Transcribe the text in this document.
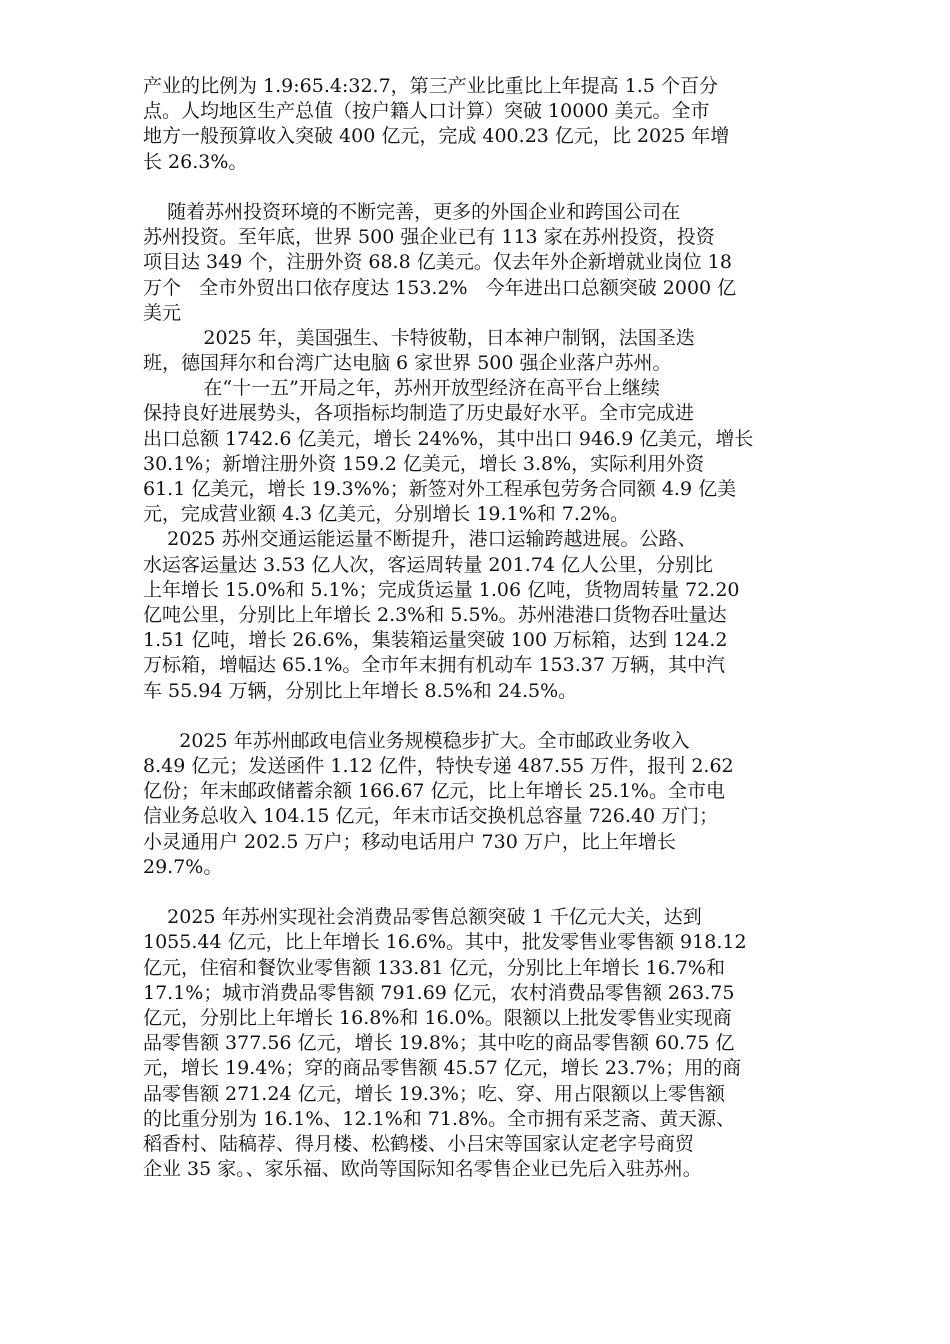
产业的比例为 1.9:65.4:32.7，第三产业比重比上年提高 1.5 个百分
点。人均地区生产总值（按户籍人口计算）突破 10000 美元。全市
地方一般预算收入突破 400 亿元，完成 400.23 亿元，比 2025 年增
长 26.3%。
随着苏州投资环境的不断完善，更多的外国企业和跨国公司在
苏州投资。至年底，世界 500 强企业已有 113 家在苏州投资，投资
项目达 349 个，注册外资 68.8 亿美元。仅去年外企新增就业岗位 18
万个   全市外贸出口依存度达 153.2%   今年进出口总额突破 2000 亿
美元
2025 年，美国强生、卡特彼勒，日本神户制钢，法国圣迭
班，德国拜尔和台湾广达电脑 6 家世界 500 强企业落户苏州。
在“十一五”开局之年，苏州开放型经济在高平台上继续
保持良好进展势头，各项指标均制造了历史最好水平。全市完成进
出口总额 1742.6 亿美元，增长 24%%，其中出口 946.9 亿美元，增长
30.1%；新增注册外资 159.2 亿美元，增长 3.8%，实际利用外资
61.1 亿美元，增长 19.3%%；新签对外工程承包劳务合同额 4.9 亿美
元，完成营业额 4.3 亿美元，分别增长 19.1%和 7.2%。
2025 苏州交通运能运量不断提升，港口运输跨越进展。公路、
水运客运量达 3.53 亿人次，客运周转量 201.74 亿人公里，分别比
上年增长 15.0%和 5.1%；完成货运量 1.06 亿吨，货物周转量 72.20
亿吨公里，分别比上年增长 2.3%和 5.5%。苏州港港口货物吞吐量达
1.51 亿吨，增长 26.6%，集装箱运量突破 100 万标箱，达到 124.2
万标箱，增幅达 65.1%。全市年末拥有机动车 153.37 万辆，其中汽
车 55.94 万辆，分别比上年增长 8.5%和 24.5%。
2025 年苏州邮政电信业务规模稳步扩大。全市邮政业务收入
8.49 亿元；发送函件 1.12 亿件，特快专递 487.55 万件，报刊 2.62
亿份；年末邮政储蓄余额 166.67 亿元，比上年增长 25.1%。全市电
信业务总收入 104.15 亿元，年末市话交换机总容量 726.40 万门；
小灵通用户 202.5 万户；移动电话用户 730 万户，比上年增长
29.7%。
2025 年苏州实现社会消费品零售总额突破 1 千亿元大关，达到
1055.44 亿元，比上年增长 16.6%。其中，批发零售业零售额 918.12
亿元，住宿和餐饮业零售额 133.81 亿元，分别比上年增长 16.7%和
17.1%；城市消费品零售额 791.69 亿元，农村消费品零售额 263.75
亿元，分别比上年增长 16.8%和 16.0%。限额以上批发零售业实现商
品零售额 377.56 亿元，增长 19.8%；其中吃的商品零售额 60.75 亿
元，增长 19.4%；穿的商品零售额 45.57 亿元，增长 23.7%；用的商
品零售额 271.24 亿元，增长 19.3%；吃、穿、用占限额以上零售额
的比重分别为 16.1%、12.1%和 71.8%。全市拥有采芝斋、黄天源、
稻香村、陆稿荐、得月楼、松鹤楼、小吕宋等国家认定老字号商贸
企业 35 家。、家乐福、欧尚等国际知名零售企业已先后入驻苏州。
